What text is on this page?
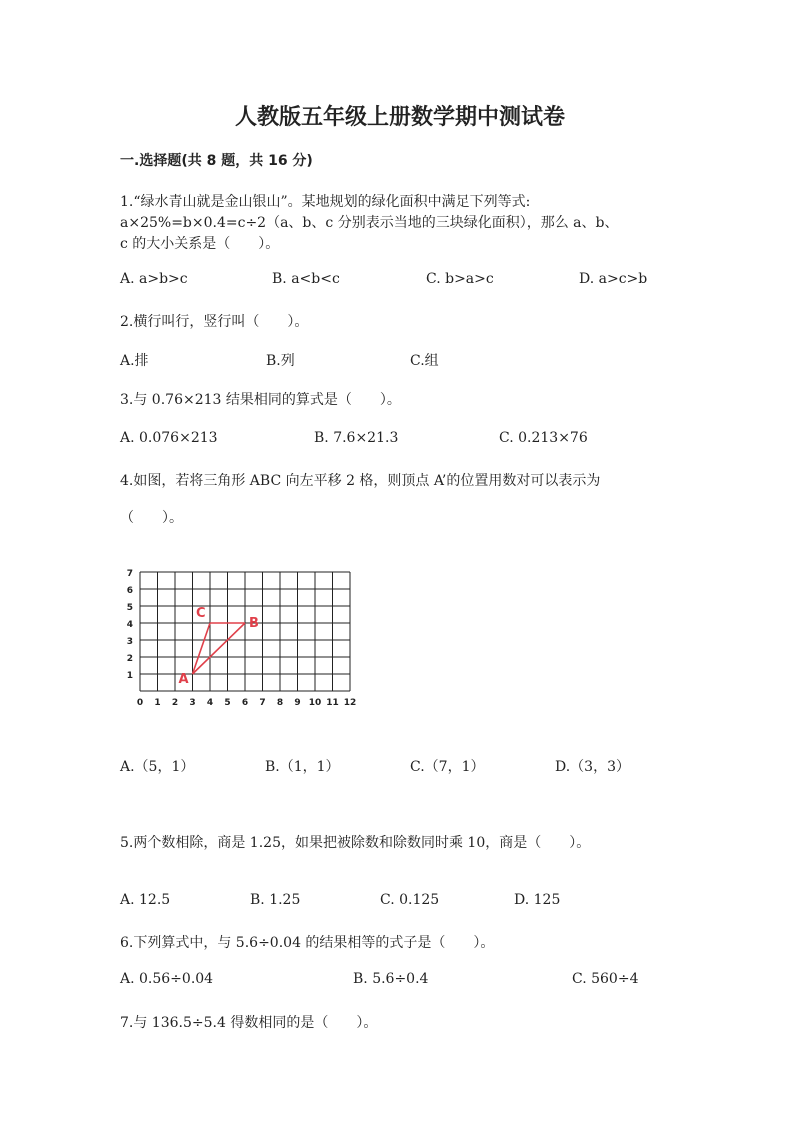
人教版五年级上册数学期中测试卷
一.选择题(共 8 题，共 16 分)
1.“绿水青山就是金山银山”。某地规划的绿化面积中满足下列等式:
a×25%=b×0.4=c÷2（a、b、c 分别表示当地的三块绿化面积），那么 a、b、
c 的大小关系是（　　）。
A. a>b>c	B. a<b<c	C. b>a>c	D. a>c>b
2.横行叫行，竖行叫（　　）。
A.排	B.列	C.组
3.与 0.76×213 结果相同的算式是（　　）。
A. 0.076×213	B. 7.6×21.3	C. 0.213×76
4.如图，若将三角形 ABC 向左平移 2 格，则顶点 A’的位置用数对可以表示为
（　　）。
0 1 2 3 4 5 6 7 8 9 10 11 12
1
2
3
4
5
6
7
A
B
C
A.（5，1）	B.（1，1）	C.（7，1）	D.（3，3）
5.两个数相除，商是 1.25，如果把被除数和除数同时乘 10，商是（　　）。
A. 12.5	B. 1.25	C. 0.125	D. 125
6.下列算式中，与 5.6÷0.04 的结果相等的式子是（　　）。
A. 0.56÷0.04	B. 5.6÷0.4	C. 560÷4
7.与 136.5÷5.4 得数相同的是（　　）。
